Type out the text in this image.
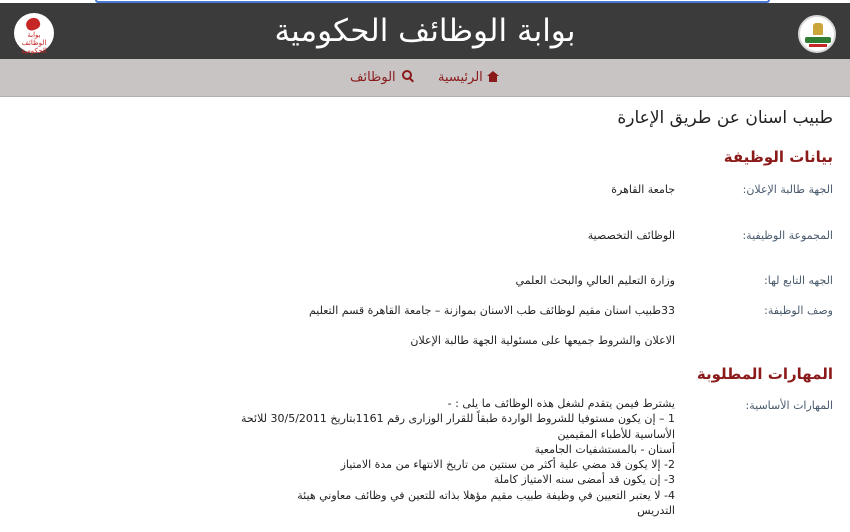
بوابة الوظائف الحكومية
بوابة الوظائف الحكومية
الرئيسية
الوظائف
طبيب اسنان عن طريق الإعارة
بيانات الوظيفة
الجهة طالبة الإعلان:
جامعة القاهرة
المجموعة الوظيفية:
الوظائف التخصصية
الجهه التابع لها:
وزارة التعليم العالي والبحث العلمي
وصف الوظيفة:
33طبيب اسنان مقيم لوظائف طب الاسنان بموازنة – جامعة القاهرة قسم التعليم
الاعلان والشروط جميعها على مسئولية الجهة طالبة الإعلان
المهارات المطلوبة
المهارات الأساسية:
يشترط فيمن يتقدم لشغل هذه الوظائف ما يلى : -
1 – إن يكون مستوفيا للشروط الواردة طبقاً للقرار الوزارى رقم 1161بتاريخ 30/5/2011 للائحة
الأساسية للأطباء المقيمين
أسنان - بالمستشفيات الجامعية
2- إلا يكون قد مضي علية أكثر من سنتين من تاريخ الانتهاء من مدة الامتياز
3- إن يكون قد أمضى سنه الامتياز كاملة
4- لا يعتبر التعيين في وظيفة طبيب مقيم مؤهلا بذاته للتعين في وظائف معاوني هيئة
التدريس
